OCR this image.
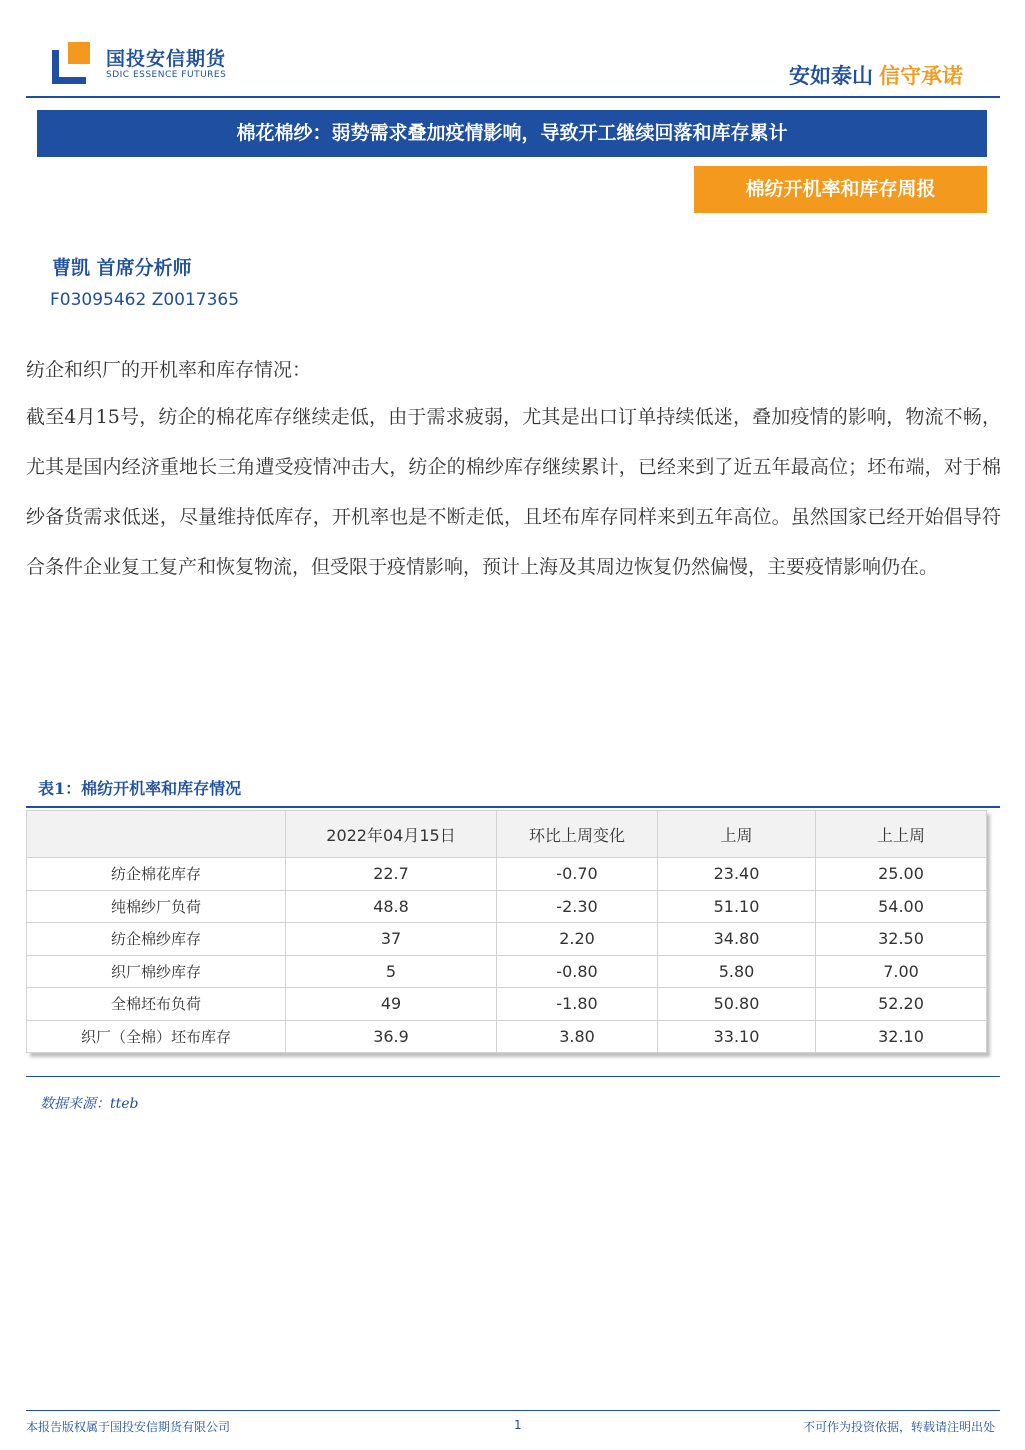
国投安信期货
SDIC ESSENCE FUTURES	安如泰山 信守承诺
棉花棉纱：弱势需求叠加疫情影响，导致开工继续回落和库存累计
棉纺开机率和库存周报
曹凯 首席分析师
F03095462 Z0017365
纺企和织厂的开机率和库存情况：
截至4月15号，纺企的棉花库存继续走低，由于需求疲弱，尤其是出口订单持续低迷，叠加疫情的影响，物流不畅，尤其是国内经济重地长三角遭受疫情冲击大，纺企的棉纱库存继续累计，已经来到了近五年最高位；坯布端，对于棉纱备货需求低迷，尽量维持低库存，开机率也是不断走低，且坯布库存同样来到五年高位。虽然国家已经开始倡导符合条件企业复工复产和恢复物流，但受限于疫情影响，预计上海及其周边恢复仍然偏慢，主要疫情影响仍在。
表1：棉纺开机率和库存情况
	2022年04月15日	环比上周变化	上周	上上周
纺企棉花库存	22.7	-0.70	23.40	25.00
纯棉纱厂负荷	48.8	-2.30	51.10	54.00
纺企棉纱库存	37	2.20	34.80	32.50
织厂棉纱库存	5	-0.80	5.80	7.00
全棉坯布负荷	49	-1.80	50.80	52.20
织厂（全棉）坯布库存	36.9	3.80	33.10	32.10
数据来源：tteb
本报告版权属于国投安信期货有限公司	1	不可作为投资依据，转载请注明出处
